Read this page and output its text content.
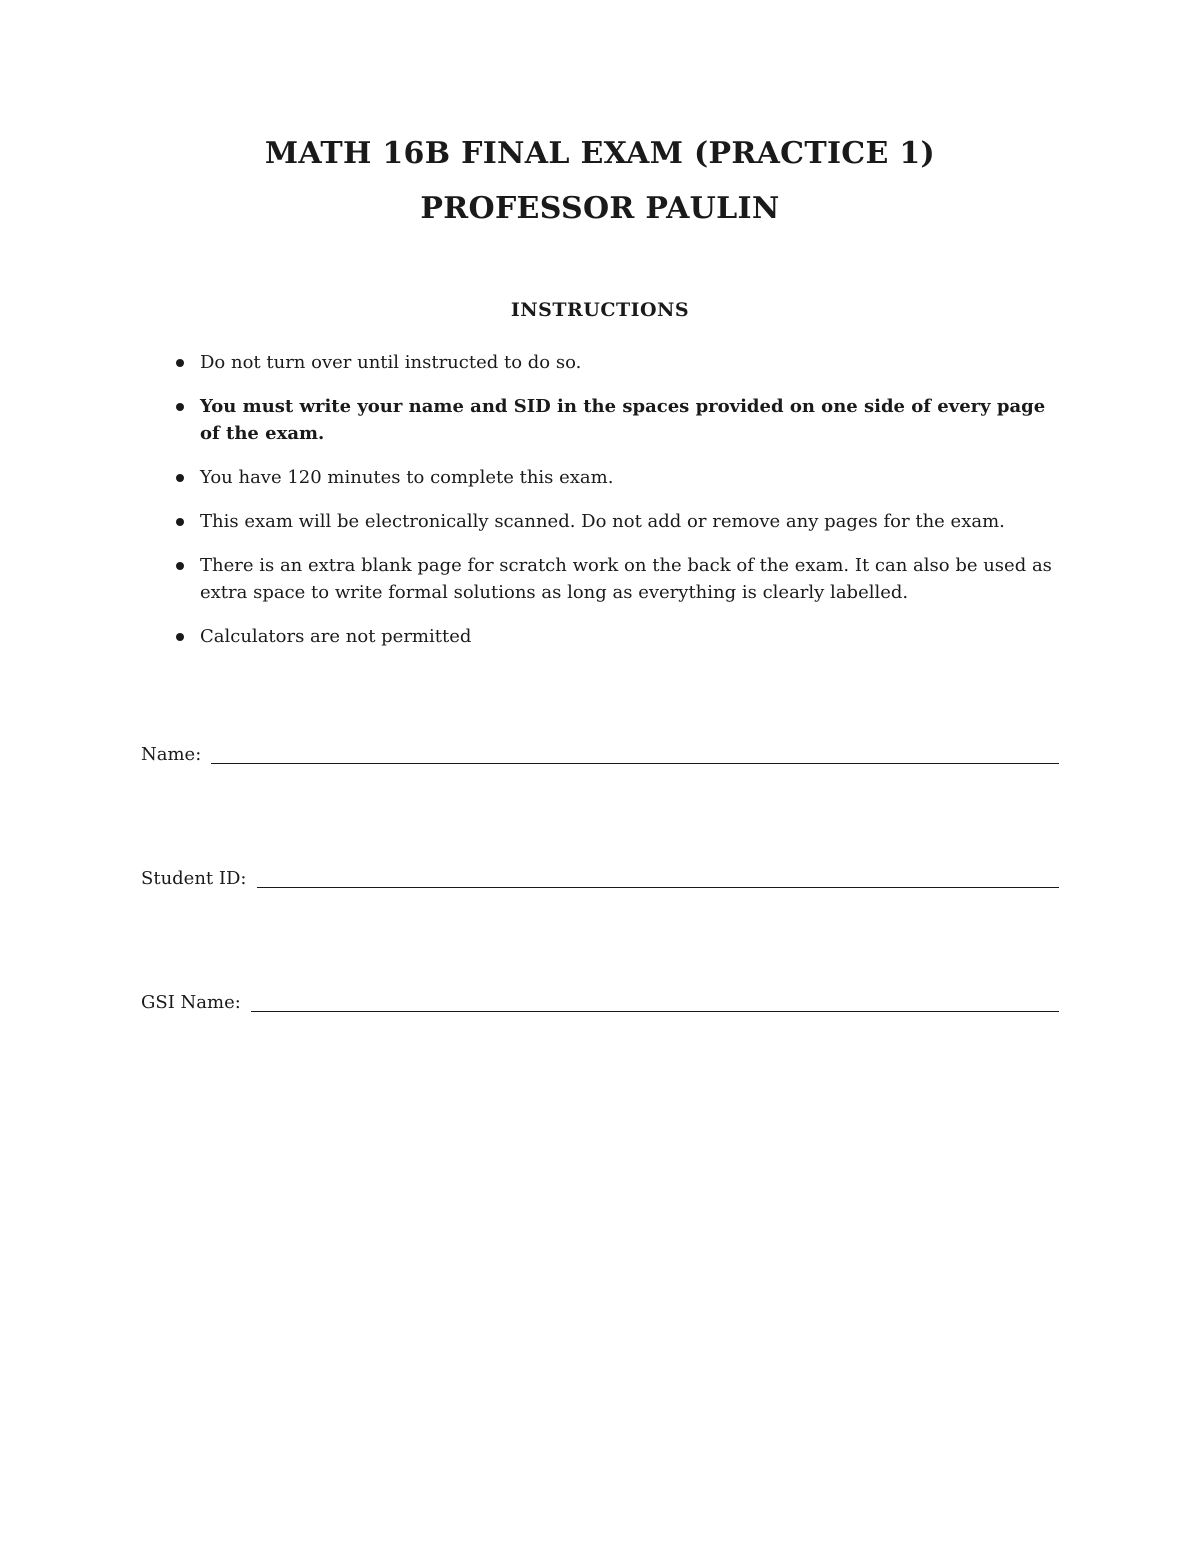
MATH 16B FINAL EXAM (PRACTICE 1)
PROFESSOR PAULIN
INSTRUCTIONS
Do not turn over until instructed to do so.
You must write your name and SID in the spaces provided on one side of every page of the exam.
You have 120 minutes to complete this exam.
This exam will be electronically scanned. Do not add or remove any pages for the exam.
There is an extra blank page for scratch work on the back of the exam. It can also be used as extra space to write formal solutions as long as everything is clearly labelled.
Calculators are not permitted
Name:
Student ID:
GSI Name:
